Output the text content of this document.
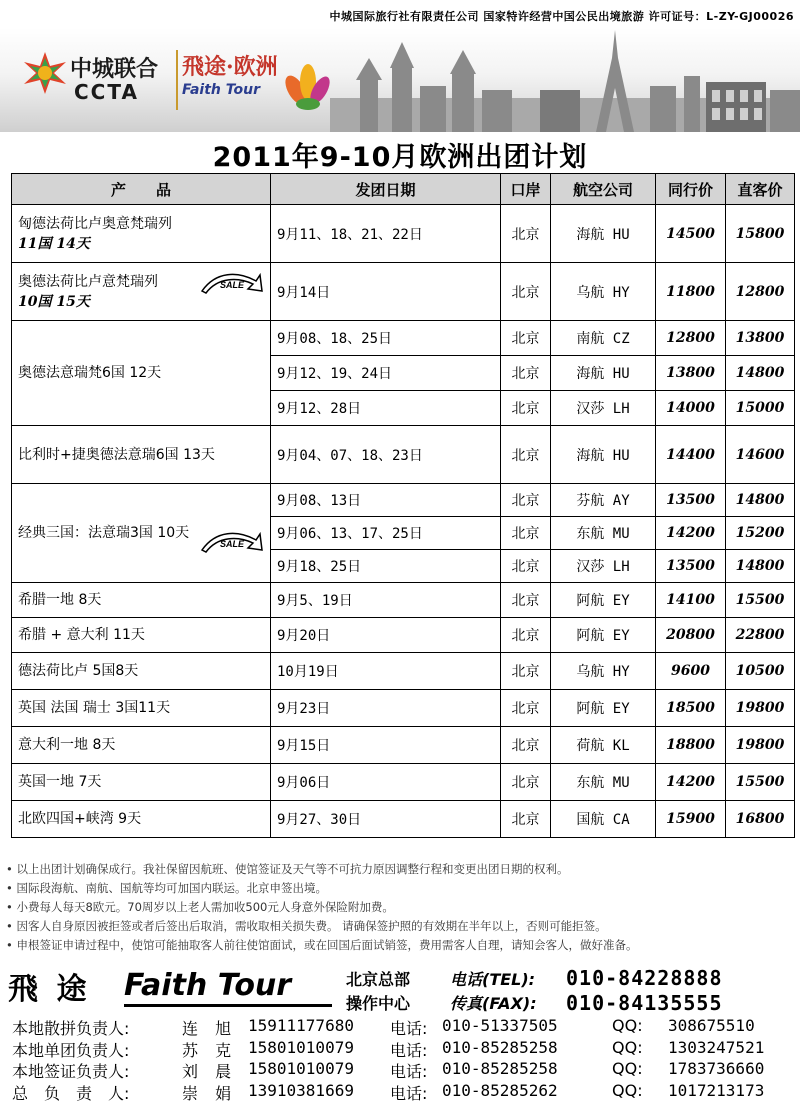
中城国际旅行社有限责任公司 国家特许经营中国公民出境旅游 许可证号：L-ZY-GJ00026
中城联合
CCTA
飛途·欧洲
Faith Tour
2011年9-10月欧洲出团计划
产　　品	发团日期	口岸	航空公司	同行价	直客价
匈德法荷比卢奥意梵瑞列
11国 14天	9月11、18、21、22日	北京	海航 HU	14500	15800
奥德法荷比卢意梵瑞列
10国 15天
SALE	9月14日	北京	乌航 HY	11800	12800
奥德法意瑞梵6国 12天	9月08、18、25日	北京	南航 CZ	12800	13800
	9月12、19、24日	北京	海航 HU	13800	14800
	9月12、28日	北京	汉莎 LH	14000	15000
比利时+捷奥德法意瑞6国 13天	9月04、07、18、23日	北京	海航 HU	14400	14600
经典三国：法意瑞3国 10天
SALE	9月08、13日	北京	芬航 AY	13500	14800
	9月06、13、17、25日	北京	东航 MU	14200	15200
	9月18、25日	北京	汉莎 LH	13500	14800
希腊一地 8天	9月5、19日	北京	阿航 EY	14100	15500
希腊 + 意大利 11天	9月20日	北京	阿航 EY	20800	22800
德法荷比卢 5国8天	10月19日	北京	乌航 HY	9600	10500
英国 法国 瑞士 3国11天	9月23日	北京	阿航 EY	18500	19800
意大利一地 8天	9月15日	北京	荷航 KL	18800	19800
英国一地 7天	9月06日	北京	东航 MU	14200	15500
北欧四国+峡湾 9天	9月27、30日	北京	国航 CA	15900	16800
• 以上出团计划确保成行。我社保留因航班、使馆签证及天气等不可抗力原因调整行程和变更出团日期的权利。
• 国际段海航、南航、国航等均可加国内联运。北京申签出境。
• 小费每人每天8欧元。70周岁以上老人需加收500元人身意外保险附加费。
• 因客人自身原因被拒签或者后签出后取消，需收取相关损失费。 请确保签护照的有效期在半年以上，否则可能拒签。
• 申根签证申请过程中，使馆可能抽取客人前往使馆面试，或在回国后面试销签，费用需客人自理，请知会客人，做好准备。
飛 途 Faith Tour	北京总部
操作中心
电话(TEL):
传真(FAX):
010-84228888
010-84135555
本地散拼负责人:	连 旭 15911177680 电话: 010-51337505	QQ: 308675510
本地单团负责人:	苏 克 15801010079 电话: 010-85285258	QQ: 1303247521
本地签证负责人:	刘 晨 15801010079 电话: 010-85285258	QQ: 1783736660
总　负　责　人:	崇 娟 13910381669 电话: 010-85285262	QQ: 1017213173
